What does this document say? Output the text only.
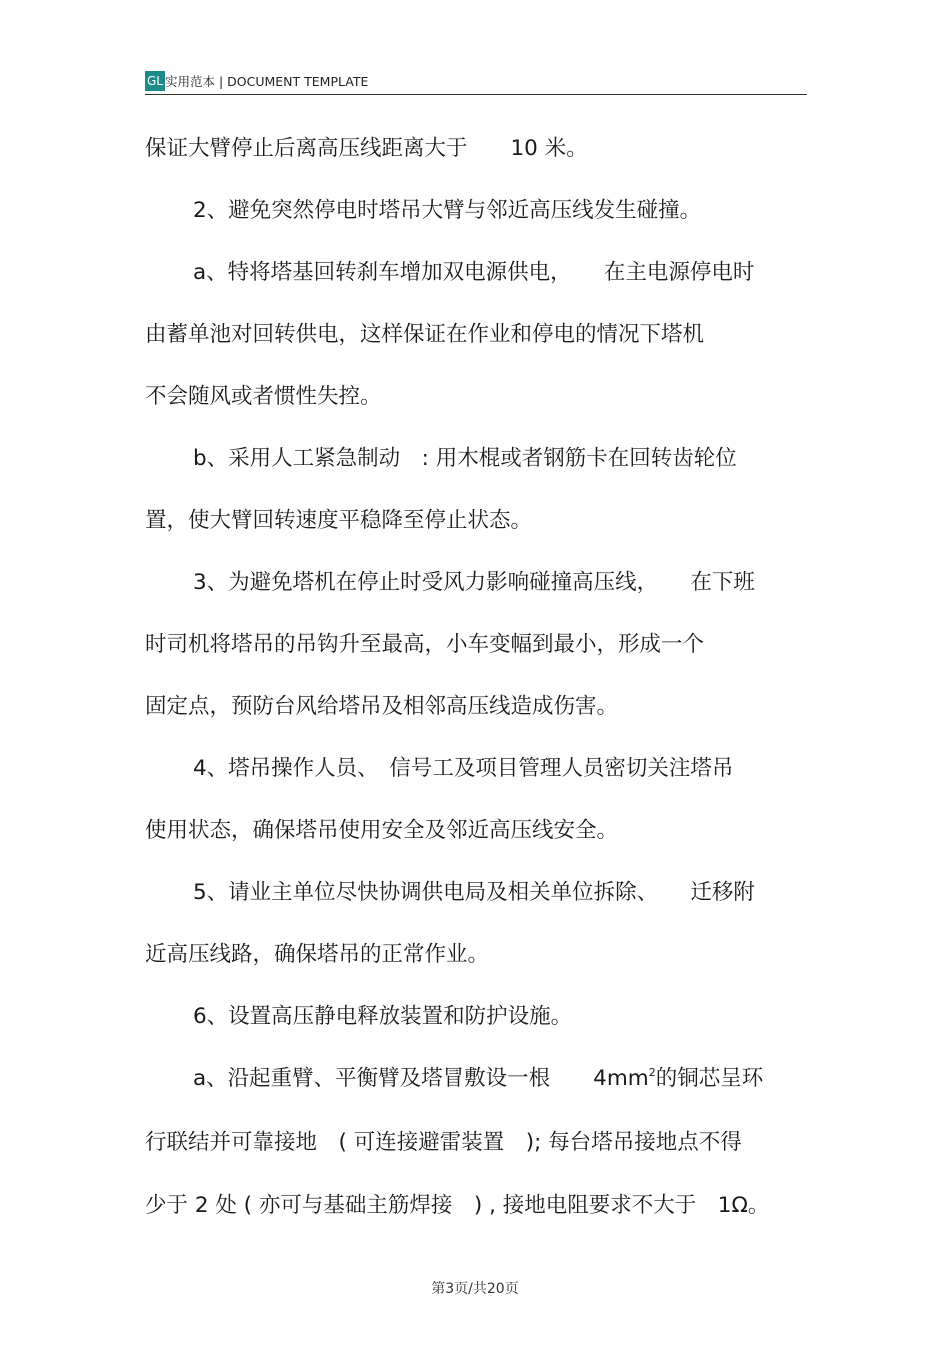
GL 实用范本 | DOCUMENT TEMPLATE
保证大臂停止后离高压线距离大于　　10 米。
2、避免突然停电时塔吊大臂与邻近高压线发生碰撞。
a、特将塔基回转刹车增加双电源供电，　　在主电源停电时
由蓄单池对回转供电，这样保证在作业和停电的情况下塔机
不会随风或者惯性失控。
b、采用人工紧急制动　: 用木棍或者钢筋卡在回转齿轮位
置，使大臂回转速度平稳降至停止状态。
3、为避免塔机在停止时受风力影响碰撞高压线，　　在下班
时司机将塔吊的吊钩升至最高，小车变幅到最小，形成一个
固定点，预防台风给塔吊及相邻高压线造成伤害。
4、塔吊操作人员、　信号工及项目管理人员密切关注塔吊
使用状态，确保塔吊使用安全及邻近高压线安全。
5、请业主单位尽快协调供电局及相关单位拆除、　　迁移附
近高压线路，确保塔吊的正常作业。
6、设置高压静电释放装置和防护设施。
a、沿起重臂、平衡臂及塔冒敷设一根　　$4mm^2$的铜芯呈环
行联结并可靠接地　( 可连接避雷装置　); 每台塔吊接地点不得
少于 2 处 ( 亦可与基础主筋焊接　) , 接地电阻要求不大于　1Ω。
第3页/共20页
